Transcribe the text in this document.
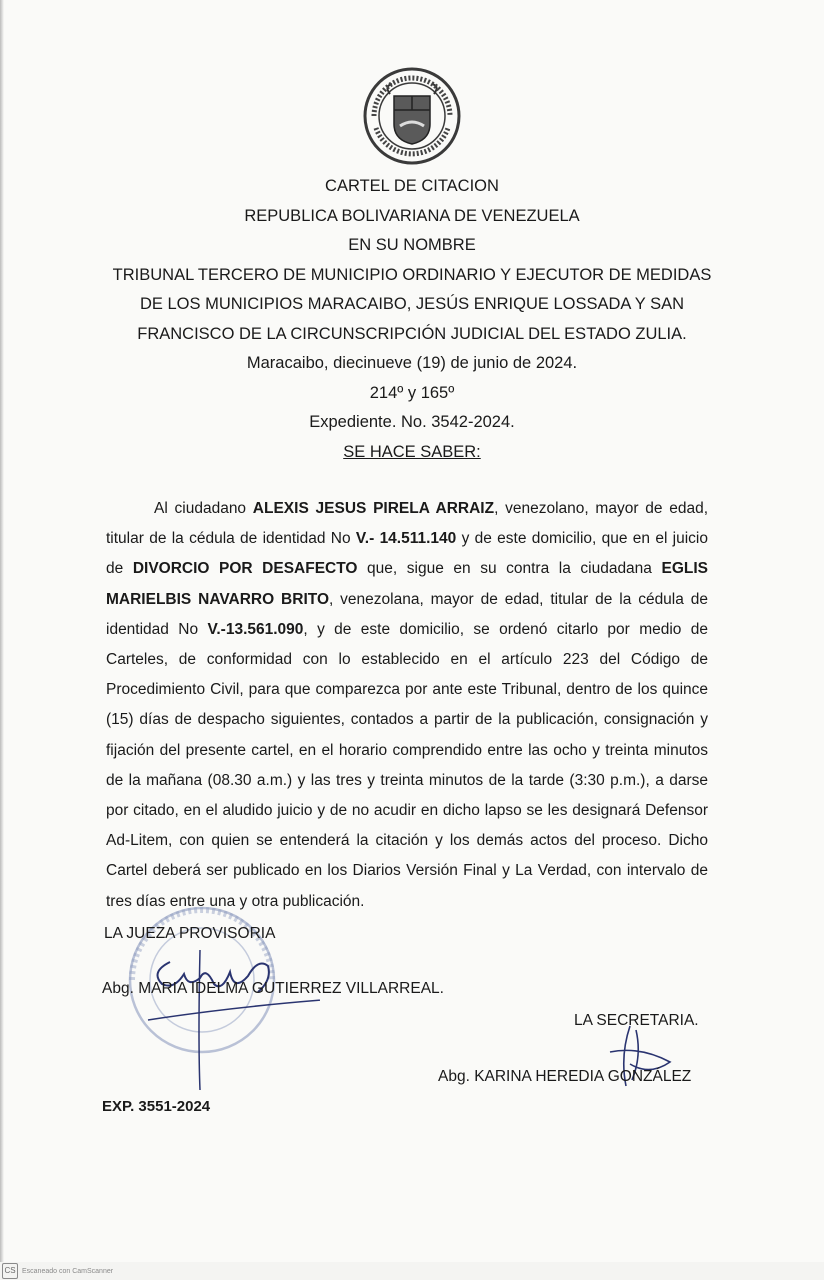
CARTEL DE CITACION
REPUBLICA BOLIVARIANA DE VENEZUELA
EN SU NOMBRE
TRIBUNAL TERCERO DE MUNICIPIO ORDINARIO Y EJECUTOR DE MEDIDAS
DE LOS MUNICIPIOS MARACAIBO, JESÚS ENRIQUE LOSSADA Y SAN
FRANCISCO DE LA CIRCUNSCRIPCIÓN JUDICIAL DEL ESTADO ZULIA.
Maracaibo, diecinueve (19) de junio de 2024.
214º y 165º
Expediente. No. 3542-2024.
SE HACE SABER:
Al ciudadano ALEXIS JESUS PIRELA ARRAIZ, venezolano, mayor de edad, titular de la cédula de identidad No V.- 14.511.140 y de este domicilio, que en el juicio de DIVORCIO POR DESAFECTO que, sigue en su contra la ciudadana EGLIS MARIELBIS NAVARRO BRITO, venezolana, mayor de edad, titular de la cédula de identidad No V.-13.561.090, y de este domicilio, se ordenó citarlo por medio de Carteles, de conformidad con lo establecido en el artículo 223 del Código de Procedimiento Civil, para que comparezca por ante este Tribunal, dentro de los quince (15) días de despacho siguientes, contados a partir de la publicación, consignación y fijación del presente cartel, en el horario comprendido entre las ocho y treinta minutos de la mañana (08.30 a.m.) y las tres y treinta minutos de la tarde (3:30 p.m.), a darse por citado, en el aludido juicio y de no acudir en dicho lapso se les designará Defensor Ad-Litem, con quien se entenderá la citación y los demás actos del proceso. Dicho Cartel deberá ser publicado en los Diarios Versión Final y La Verdad, con intervalo de tres días entre una y otra publicación.
LA JUEZA PROVISORIA
Abg. MARIA IDELMA GUTIERREZ VILLARREAL.
LA SECRETARIA.
Abg. KARINA HEREDIA GONZÁLEZ
EXP. 3551-2024
CS Escaneado con CamScanner
